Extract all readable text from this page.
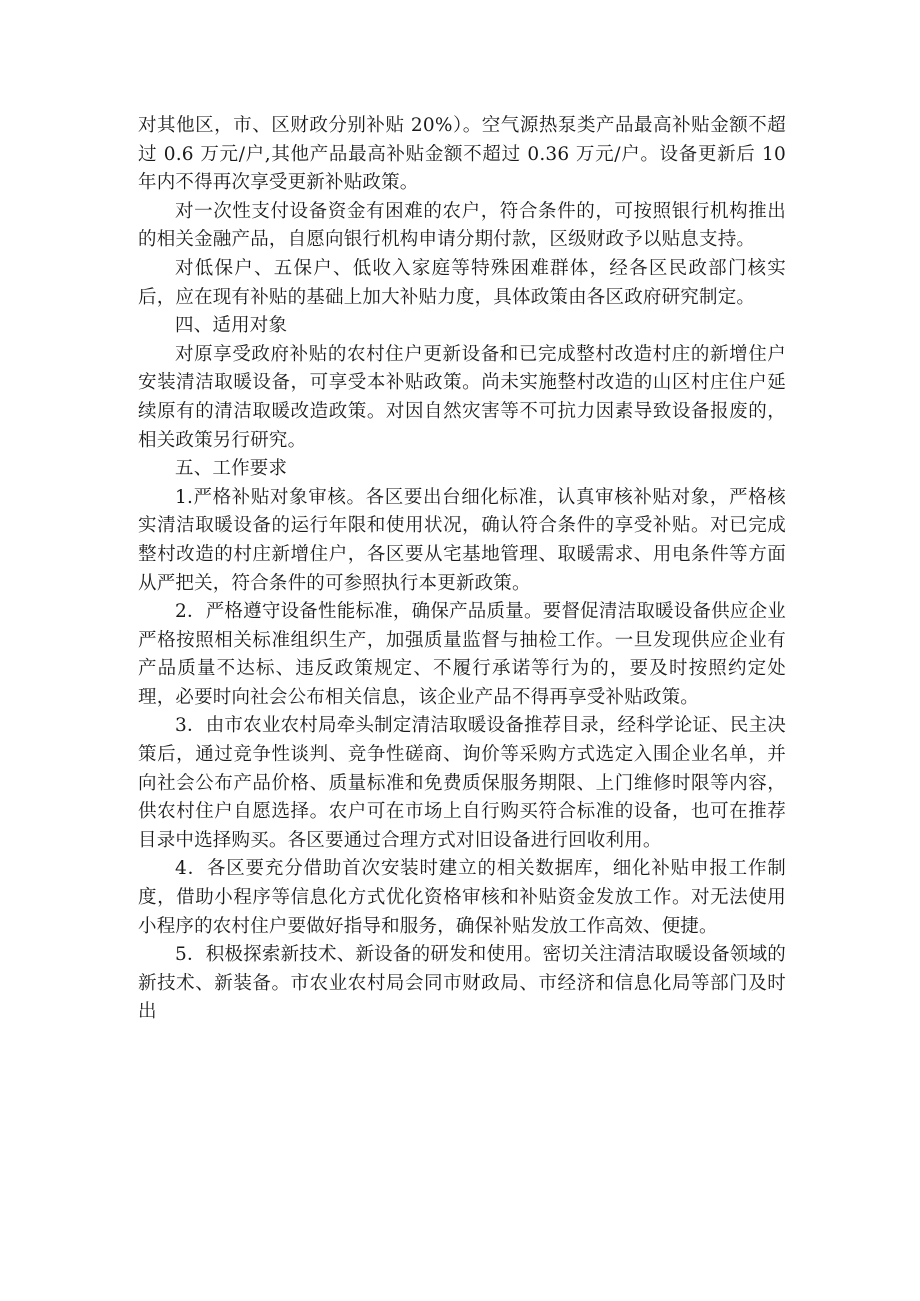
对其他区，市、区财政分别补贴 20%）。空气源热泵类产品最高补贴金额不超过 0.6 万元/户,其他产品最高补贴金额不超过 0.36 万元/户。设备更新后 10 年内不得再次享受更新补贴政策。

对一次性支付设备资金有困难的农户，符合条件的，可按照银行机构推出的相关金融产品，自愿向银行机构申请分期付款，区级财政予以贴息支持。

对低保户、五保户、低收入家庭等特殊困难群体，经各区民政部门核实后，应在现有补贴的基础上加大补贴力度，具体政策由各区政府研究制定。

四、适用对象

对原享受政府补贴的农村住户更新设备和已完成整村改造村庄的新增住户安装清洁取暖设备，可享受本补贴政策。尚未实施整村改造的山区村庄住户延续原有的清洁取暖改造政策。对因自然灾害等不可抗力因素导致设备报废的，相关政策另行研究。

五、工作要求

1.严格补贴对象审核。各区要出台细化标准，认真审核补贴对象，严格核实清洁取暖设备的运行年限和使用状况，确认符合条件的享受补贴。对已完成整村改造的村庄新增住户，各区要从宅基地管理、取暖需求、用电条件等方面从严把关，符合条件的可参照执行本更新政策。

2．严格遵守设备性能标准，确保产品质量。要督促清洁取暖设备供应企业严格按照相关标准组织生产，加强质量监督与抽检工作。一旦发现供应企业有产品质量不达标、违反政策规定、不履行承诺等行为的，要及时按照约定处理，必要时向社会公布相关信息，该企业产品不得再享受补贴政策。

3．由市农业农村局牵头制定清洁取暖设备推荐目录，经科学论证、民主决策后，通过竞争性谈判、竞争性磋商、询价等采购方式选定入围企业名单，并向社会公布产品价格、质量标准和免费质保服务期限、上门维修时限等内容，供农村住户自愿选择。农户可在市场上自行购买符合标准的设备，也可在推荐目录中选择购买。各区要通过合理方式对旧设备进行回收利用。

4．各区要充分借助首次安装时建立的相关数据库，细化补贴申报工作制度，借助小程序等信息化方式优化资格审核和补贴资金发放工作。对无法使用小程序的农村住户要做好指导和服务，确保补贴发放工作高效、便捷。

5．积极探索新技术、新设备的研发和使用。密切关注清洁取暖设备领域的新技术、新装备。市农业农村局会同市财政局、市经济和信息化局等部门及时出
